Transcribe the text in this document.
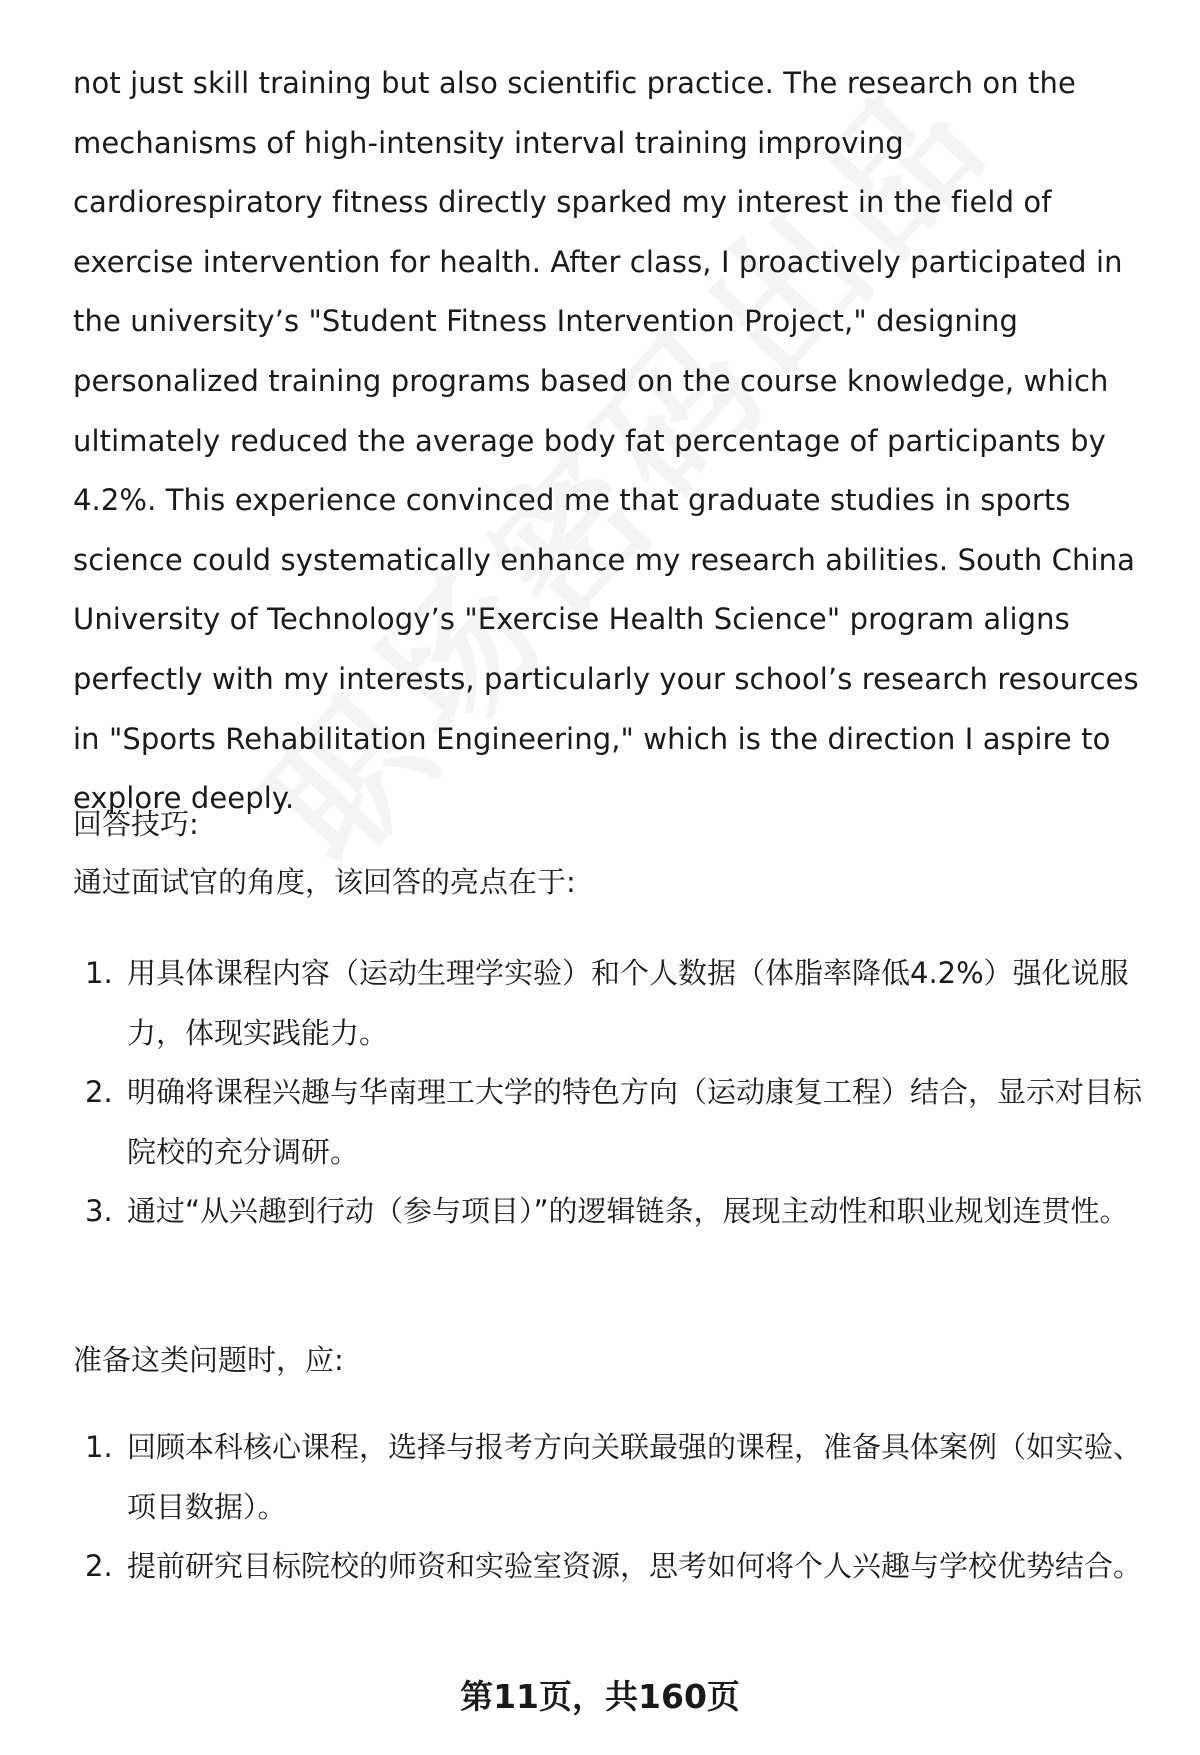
not just skill training but also scientific practice. The research on the mechanisms of high-intensity interval training improving cardiorespiratory fitness directly sparked my interest in the field of exercise intervention for health. After class, I proactively participated in the university’s "Student Fitness Intervention Project," designing personalized training programs based on the course knowledge, which ultimately reduced the average body fat percentage of participants by 4.2%. This experience convinced me that graduate studies in sports science could systematically enhance my research abilities. South China University of Technology’s "Exercise Health Science" program aligns perfectly with my interests, particularly your school’s research resources in "Sports Rehabilitation Engineering," which is the direction I aspire to explore deeply.

回答技巧:
通过面试官的角度，该回答的亮点在于:
1. 用具体课程内容（运动生理学实验）和个人数据（体脂率降低4.2%）强化说服力，体现实践能力。
2. 明确将课程兴趣与华南理工大学的特色方向（运动康复工程）结合，显示对目标院校的充分调研。
3. 通过“从兴趣到行动（参与项目）”的逻辑链条，展现主动性和职业规划连贯性。
准备这类问题时，应:
1. 回顾本科核心课程，选择与报考方向关联最强的课程，准备具体案例（如实验、项目数据）。
2. 提前研究目标院校的师资和实验室资源，思考如何将个人兴趣与学校优势结合。
第11页，共160页
